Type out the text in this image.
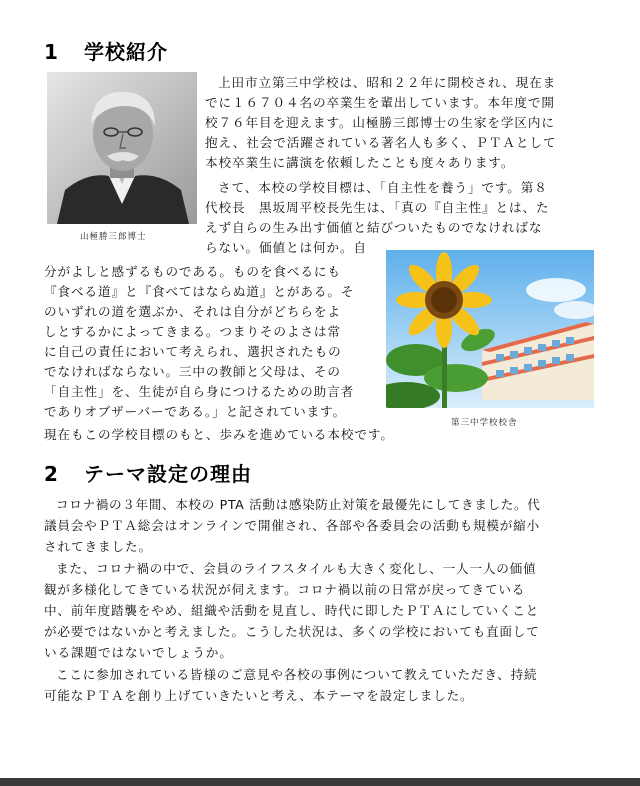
1 学校紹介

山極勝三郎博士

第三中学校校舎

上田市立第三中学校は、昭和２２年に開校され、現在ま

でに１６７０４名の卒業生を輩出しています。本年度で開

校７６年目を迎えます。山極勝三郎博士の生家を学区内に

抱え、社会で活躍されている著名人も多く、ＰＴＡとして

本校卒業生に講演を依頼したことも度々あります。

さて、本校の学校目標は、「自主性を養う」です。第８

代校長　黒坂周平校長先生は、「真の『自主性』とは、た

えず自らの生み出す価値と結びついたものでなければな

らない。価値とは何か。自

分がよしと感ずるものである。ものを食べるにも

『食べる道』と『食べてはならぬ道』とがある。そ

のいずれの道を選ぶか、それは自分がどちらをよ

しとするかによってきまる。つまりそのよさは常

に自己の責任において考えられ、選択されたもの

でなければならない。三中の教師と父母は、その

「自主性」を、生徒が自ら身につけるための助言者

でありオブザーバーである。」と記されています。

現在もこの学校目標のもと、歩みを進めている本校です。

2 テーマ設定の理由

コロナ禍の３年間、本校の PTA 活動は感染防止対策を最優先にしてきました。代

議員会やＰＴＡ総会はオンラインで開催され、各部や各委員会の活動も規模が縮小

されてきました。

また、コロナ禍の中で、会員のライフスタイルも大きく変化し、一人一人の価値

観が多様化してきている状況が伺えます。コロナ禍以前の日常が戻ってきている

中、前年度踏襲をやめ、組織や活動を見直し、時代に即したＰＴＡにしていくこと

が必要ではないかと考えました。こうした状況は、多くの学校においても直面して

いる課題ではないでしょうか。

ここに参加されている皆様のご意見や各校の事例について教えていただき、持続

可能なＰＴＡを創り上げていきたいと考え、本テーマを設定しました。
